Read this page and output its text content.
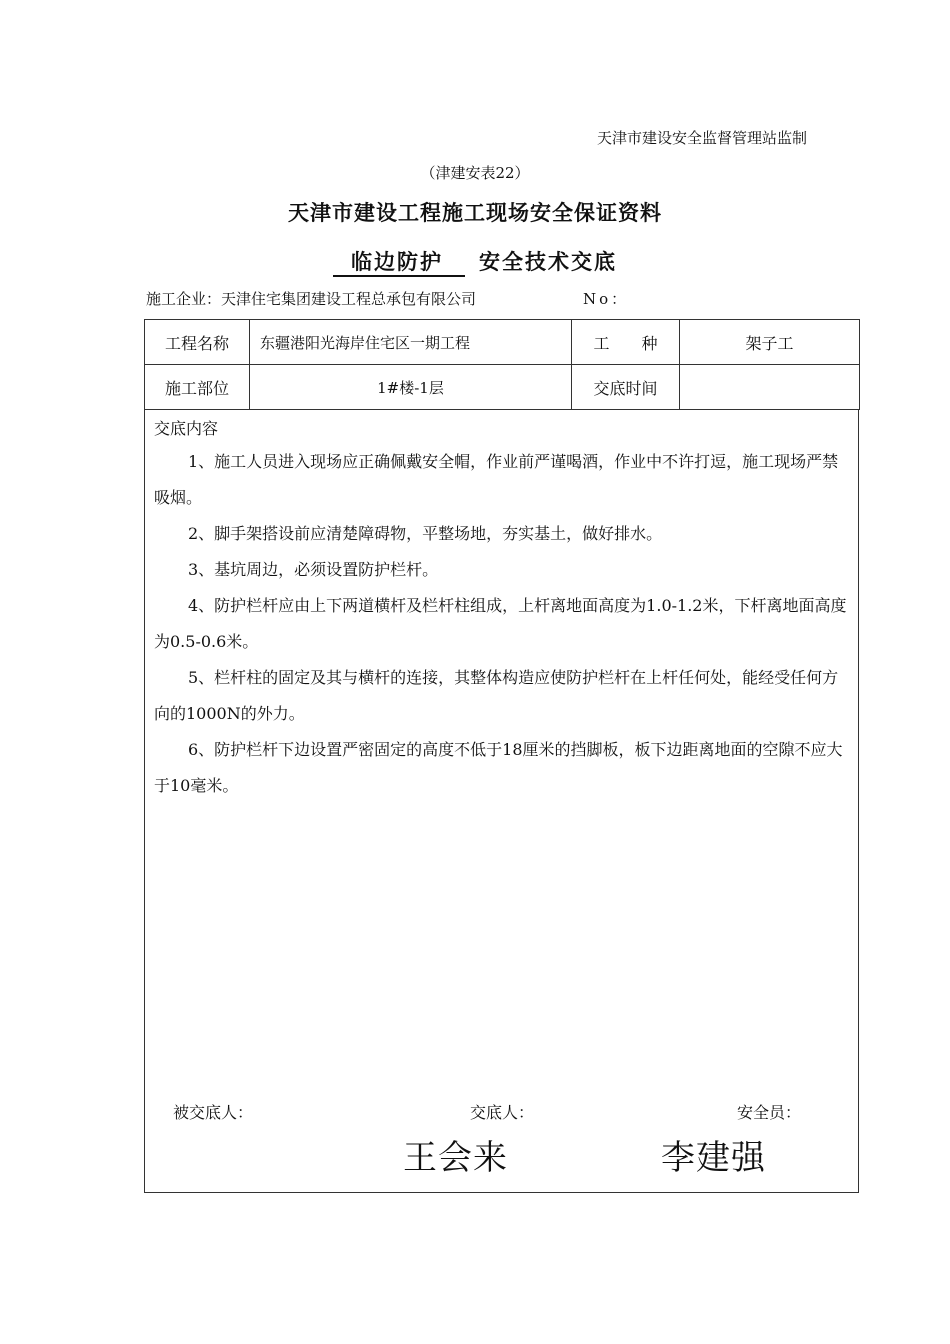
天津市建设安全监督管理站监制
（津建安表22）
天津市建设工程施工现场安全保证资料
临边防护 安全技术交底
施工企业：天津住宅集团建设工程总承包有限公司	No：
工程名称	东疆港阳光海岸住宅区一期工程	工　　种	架子工
施工部位	1#楼-1层	交底时间	
交底内容
1、施工人员进入现场应正确佩戴安全帽，作业前严谨喝酒，作业中不许打逗，施工现场严禁吸烟。
2、脚手架搭设前应清楚障碍物，平整场地，夯实基土，做好排水。
3、基坑周边，必须设置防护栏杆。
4、防护栏杆应由上下两道横杆及栏杆柱组成，上杆离地面高度为1.0-1.2米，下杆离地面高度为0.5-0.6米。
5、栏杆柱的固定及其与横杆的连接，其整体构造应使防护栏杆在上杆任何处，能经受任何方向的1000N的外力。
6、防护栏杆下边设置严密固定的高度不低于18厘米的挡脚板，板下边距离地面的空隙不应大于10毫米。
被交底人：	交底人：	安全员：
王会来	李建强
